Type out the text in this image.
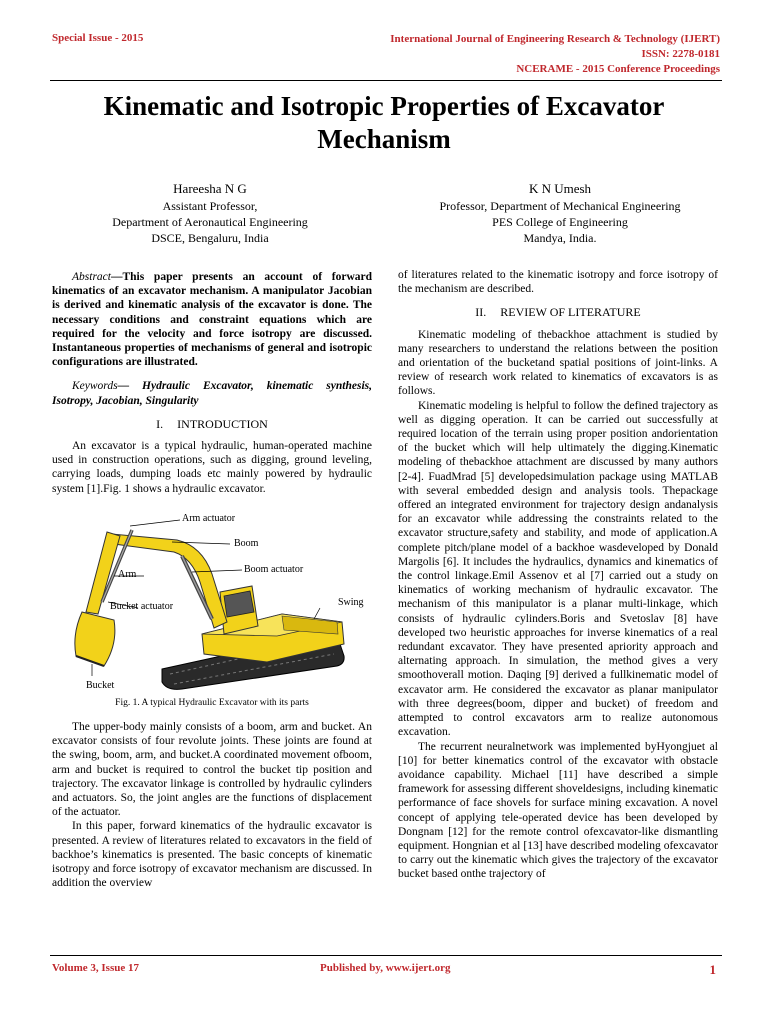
Special Issue - 2015	International Journal of Engineering Research & Technology (IJERT)
ISSN: 2278-0181
NCERAME - 2015 Conference Proceedings
Kinematic and Isotropic Properties of Excavator
Mechanism
Hareesha N G
Assistant Professor,
Department of Aeronautical Engineering
DSCE, Bengaluru, India
K N Umesh
Professor, Department of Mechanical Engineering
PES College of Engineering
Mandya, India.

Abstract—This paper presents an account of forward kinematics of an excavator mechanism. A manipulator Jacobian is derived and kinematic analysis of the excavator is done. The necessary conditions and constraint equations which are required for the velocity and force isotropy are discussed. Instantaneous properties of mechanisms of general and isotropic configurations are illustrated.

Keywords— Hydraulic Excavator, kinematic synthesis, Isotropy, Jacobian, Singularity

I. INTRODUCTION

An excavator is a typical hydraulic, human-operated machine used in construction operations, such as digging, ground leveling, carrying loads, dumping loads etc mainly powered by hydraulic system [1].Fig. 1 shows a hydraulic excavator.

Arm actuator
Boom
Arm	Boom actuator
Swing
Bucket actuator
Bucket

Fig. 1. A typical Hydraulic Excavator with its parts

The upper-body mainly consists of a boom, arm and bucket. An excavator consists of four revolute joints. These joints are found at the swing, boom, arm, and bucket.A coordinated movement ofboom, arm and bucket is required to control the bucket tip position and trajectory. The excavator linkage is controlled by hydraulic cylinders and actuators. So, the joint angles are the functions of displacement of the actuator.

In this paper, forward kinematics of the hydraulic excavator is presented. A review of literatures related to excavators in the field of backhoe’s kinematics is presented. The basic concepts of kinematic isotropy and force isotropy of excavator mechanism are discussed. In addition the overview

of literatures related to the kinematic isotropy and force isotropy of the mechanism are described.

II. REVIEW OF LITERATURE

Kinematic modeling of thebackhoe attachment is studied by many researchers to understand the relations between the position and orientation of the bucketand spatial positions of joint-links. A review of research work related to kinematics of excavators is as follows.

Kinematic modeling is helpful to follow the defined trajectory as well as digging operation. It can be carried out successfully at required location of the terrain using proper position andorientation of the bucket which will help ultimately the digging.Kinematic modeling of thebackhoe attachment are discussed by many authors [2-4]. FuadMrad [5] developedsimulation package using MATLAB with several embedded design and analysis tools. Thepackage offered an integrated environment for trajectory design andanalysis for an excavator while addressing the constraints related to the excavator structure,safety and stability, and mode of application.A complete pitch/plane model of a backhoe wasdeveloped by Donald Margolis [6]. It includes the hydraulics, dynamics and kinematics of the control linkage.Emil Assenov et al [7] carried out a study on kinematics of working mechanism of hydraulic excavator. The mechanism of this manipulator is a planar multi-linkage, which consists of hydraulic cylinders.Boris and Svetoslav [8] have developed two heuristic approaches for inverse kinematics of a real redundant excavator. They have presented apriority approach and alternating approach. In simulation, the method gives a very smoothoverall motion. Daqing [9] derived a fullkinematic model of excavator arm. He considered the excavator as planar manipulator with three degrees(boom, dipper and bucket) of freedom and attempted to control excavators arm to realize autonomous excavation.

The recurrent neuralnetwork was implemented byHyongjuet al [10] for better kinematics control of the excavator with obstacle avoidance capability. Michael [11] have described a simple framework for assessing different shoveldesigns, including kinematic performance of face shovels for surface mining excavation. A novel concept of applying tele-operated device has been developed by Dongnam [12] for the remote control ofexcavator-like dismantling equipment. Hongnian et al [13] have described modeling ofexcavator to carry out the kinematic which gives the trajectory of the excavator bucket based onthe trajectory of

Volume 3, Issue 17	Published by, www.ijert.org	1
